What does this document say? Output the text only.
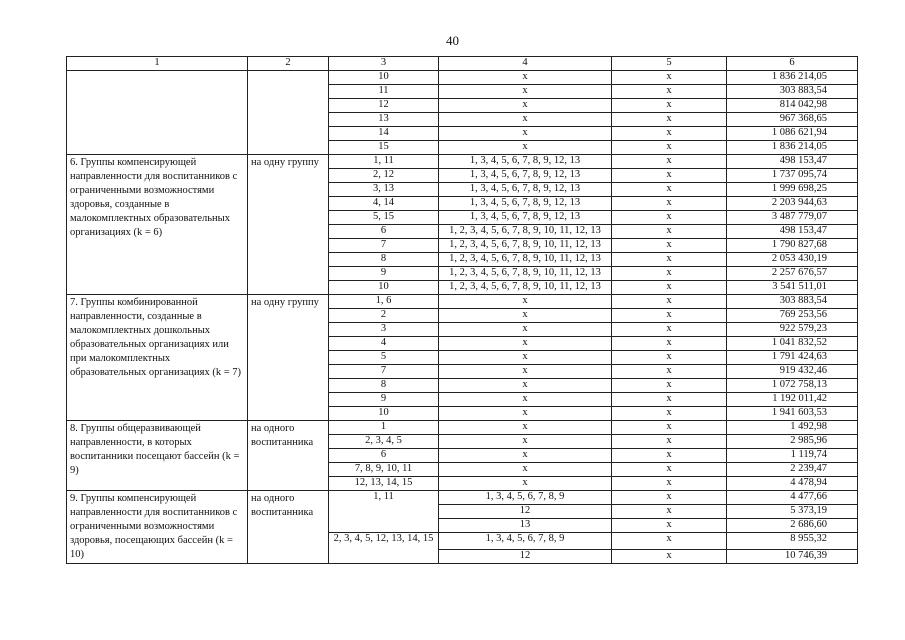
40
1	2	3	4	5	6
		10	x	x	1 836 214,05
		11	x	x	303 883,54
		12	x	x	814 042,98
		13	x	x	967 368,65
		14	x	x	1 086 621,94
		15	x	x	1 836 214,05
6. Группы компенсирующей направленности для воспитанников с ограниченными возможностями здоровья, созданные в малокомплектных образовательных организациях (k = 6)	на одну группу	1, 11	1, 3, 4, 5, 6, 7, 8, 9, 12, 13	x	498 153,47
		2, 12	1, 3, 4, 5, 6, 7, 8, 9, 12, 13	x	1 737 095,74
		3, 13	1, 3, 4, 5, 6, 7, 8, 9, 12, 13	x	1 999 698,25
		4, 14	1, 3, 4, 5, 6, 7, 8, 9, 12, 13	x	2 203 944,63
		5, 15	1, 3, 4, 5, 6, 7, 8, 9, 12, 13	x	3 487 779,07
		6	1, 2, 3, 4, 5, 6, 7, 8, 9, 10, 11, 12, 13	x	498 153,47
		7	1, 2, 3, 4, 5, 6, 7, 8, 9, 10, 11, 12, 13	x	1 790 827,68
		8	1, 2, 3, 4, 5, 6, 7, 8, 9, 10, 11, 12, 13	x	2 053 430,19
		9	1, 2, 3, 4, 5, 6, 7, 8, 9, 10, 11, 12, 13	x	2 257 676,57
		10	1, 2, 3, 4, 5, 6, 7, 8, 9, 10, 11, 12, 13	x	3 541 511,01
7. Группы комбинированной направленности, созданные в малокомплектных дошкольных образовательных организациях или при малокомплектных образовательных организациях (k = 7)	на одну группу	1, 6	x	x	303 883,54
		2	x	x	769 253,56
		3	x	x	922 579,23
		4	x	x	1 041 832,52
		5	x	x	1 791 424,63
		7	x	x	919 432,46
		8	x	x	1 072 758,13
		9	x	x	1 192 011,42
		10	x	x	1 941 603,53
8. Группы общеразвивающей направленности, в которых воспитанники посещают бассейн (k = 9)	на одного воспитанника	1	x	x	1 492,98
		2, 3, 4, 5	x	x	2 985,96
		6	x	x	1 119,74
		7, 8, 9, 10, 11	x	x	2 239,47
		12, 13, 14, 15	x	x	4 478,94
9. Группы компенсирующей направленности для воспитанников с ограниченными возможностями здоровья, посещающих бассейн (k = 10)	на одного воспитанника	1, 11	1, 3, 4, 5, 6, 7, 8, 9	x	4 477,66
			12	x	5 373,19
			13	x	2 686,60
		2, 3, 4, 5, 12, 13, 14, 15	1, 3, 4, 5, 6, 7, 8, 9	x	8 955,32
			12	x	10 746,39
